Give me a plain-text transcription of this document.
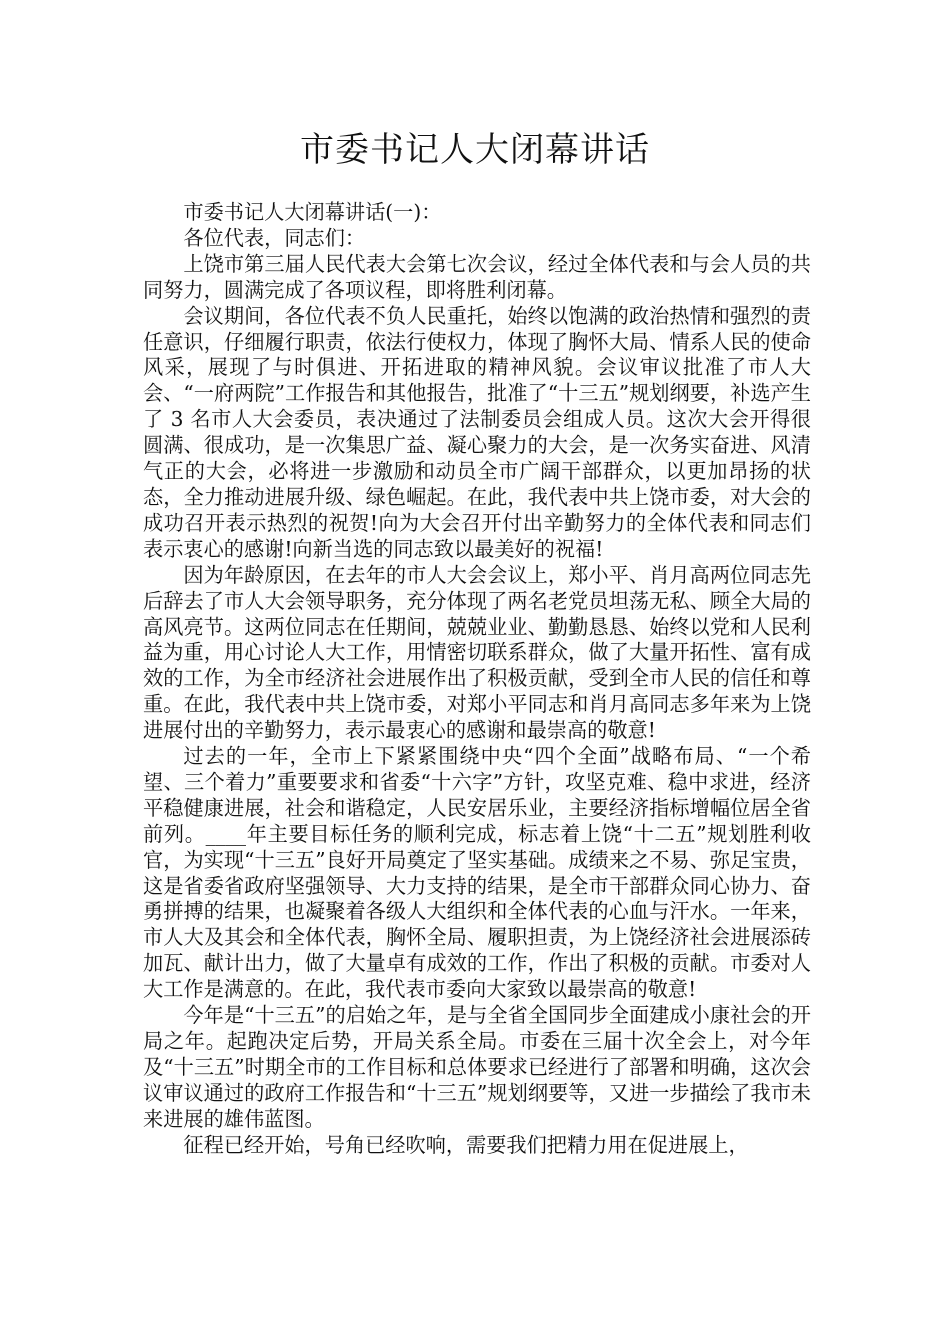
市委书记人大闭幕讲话

市委书记人大闭幕讲话(一)：

各位代表，同志们：

上饶市第三届人民代表大会第七次会议，经过全体代表和与会人员的共同努力，圆满完成了各项议程，即将胜利闭幕。

会议期间，各位代表不负人民重托，始终以饱满的政治热情和强烈的责任意识，仔细履行职责，依法行使权力，体现了胸怀大局、情系人民的使命风采，展现了与时俱进、开拓进取的精神风貌。会议审议批准了市人大会、“一府两院”工作报告和其他报告，批准了“十三五”规划纲要，补选产生了 3 名市人大会委员，表决通过了法制委员会组成人员。这次大会开得很圆满、很成功，是一次集思广益、凝心聚力的大会，是一次务实奋进、风清气正的大会，必将进一步激励和动员全市广阔干部群众，以更加昂扬的状态，全力推动进展升级、绿色崛起。在此，我代表中共上饶市委，对大会的成功召开表示热烈的祝贺!向为大会召开付出辛勤努力的全体代表和同志们表示衷心的感谢!向新当选的同志致以最美好的祝福!

因为年龄原因，在去年的市人大会会议上，郑小平、肖月高两位同志先后辞去了市人大会领导职务，充分体现了两名老党员坦荡无私、顾全大局的高风亮节。这两位同志在任期间，兢兢业业、勤勤恳恳、始终以党和人民利益为重，用心讨论人大工作，用情密切联系群众，做了大量开拓性、富有成效的工作，为全市经济社会进展作出了积极贡献，受到全市人民的信任和尊重。在此，我代表中共上饶市委，对郑小平同志和肖月高同志多年来为上饶进展付出的辛勤努力，表示最衷心的感谢和最崇高的敬意!

过去的一年，全市上下紧紧围绕中央“四个全面”战略布局、“一个希望、三个着力”重要要求和省委“十六字”方针，攻坚克难、稳中求进，经济平稳健康进展，社会和谐稳定，人民安居乐业，主要经济指标增幅位居全省前列。____年主要目标任务的顺利完成，标志着上饶“十二五”规划胜利收官，为实现“十三五”良好开局奠定了坚实基础。成绩来之不易、弥足宝贵，这是省委省政府坚强领导、大力支持的结果，是全市干部群众同心协力、奋勇拼搏的结果，也凝聚着各级人大组织和全体代表的心血与汗水。一年来，市人大及其会和全体代表，胸怀全局、履职担责，为上饶经济社会进展添砖加瓦、献计出力，做了大量卓有成效的工作，作出了积极的贡献。市委对人大工作是满意的。在此，我代表市委向大家致以最崇高的敬意!

今年是“十三五”的启始之年，是与全省全国同步全面建成小康社会的开局之年。起跑决定后势，开局关系全局。市委在三届十次全会上，对今年及“十三五”时期全市的工作目标和总体要求已经进行了部署和明确，这次会议审议通过的政府工作报告和“十三五”规划纲要等，又进一步描绘了我市未来进展的雄伟蓝图。

征程已经开始，号角已经吹响，需要我们把精力用在促进展上，
